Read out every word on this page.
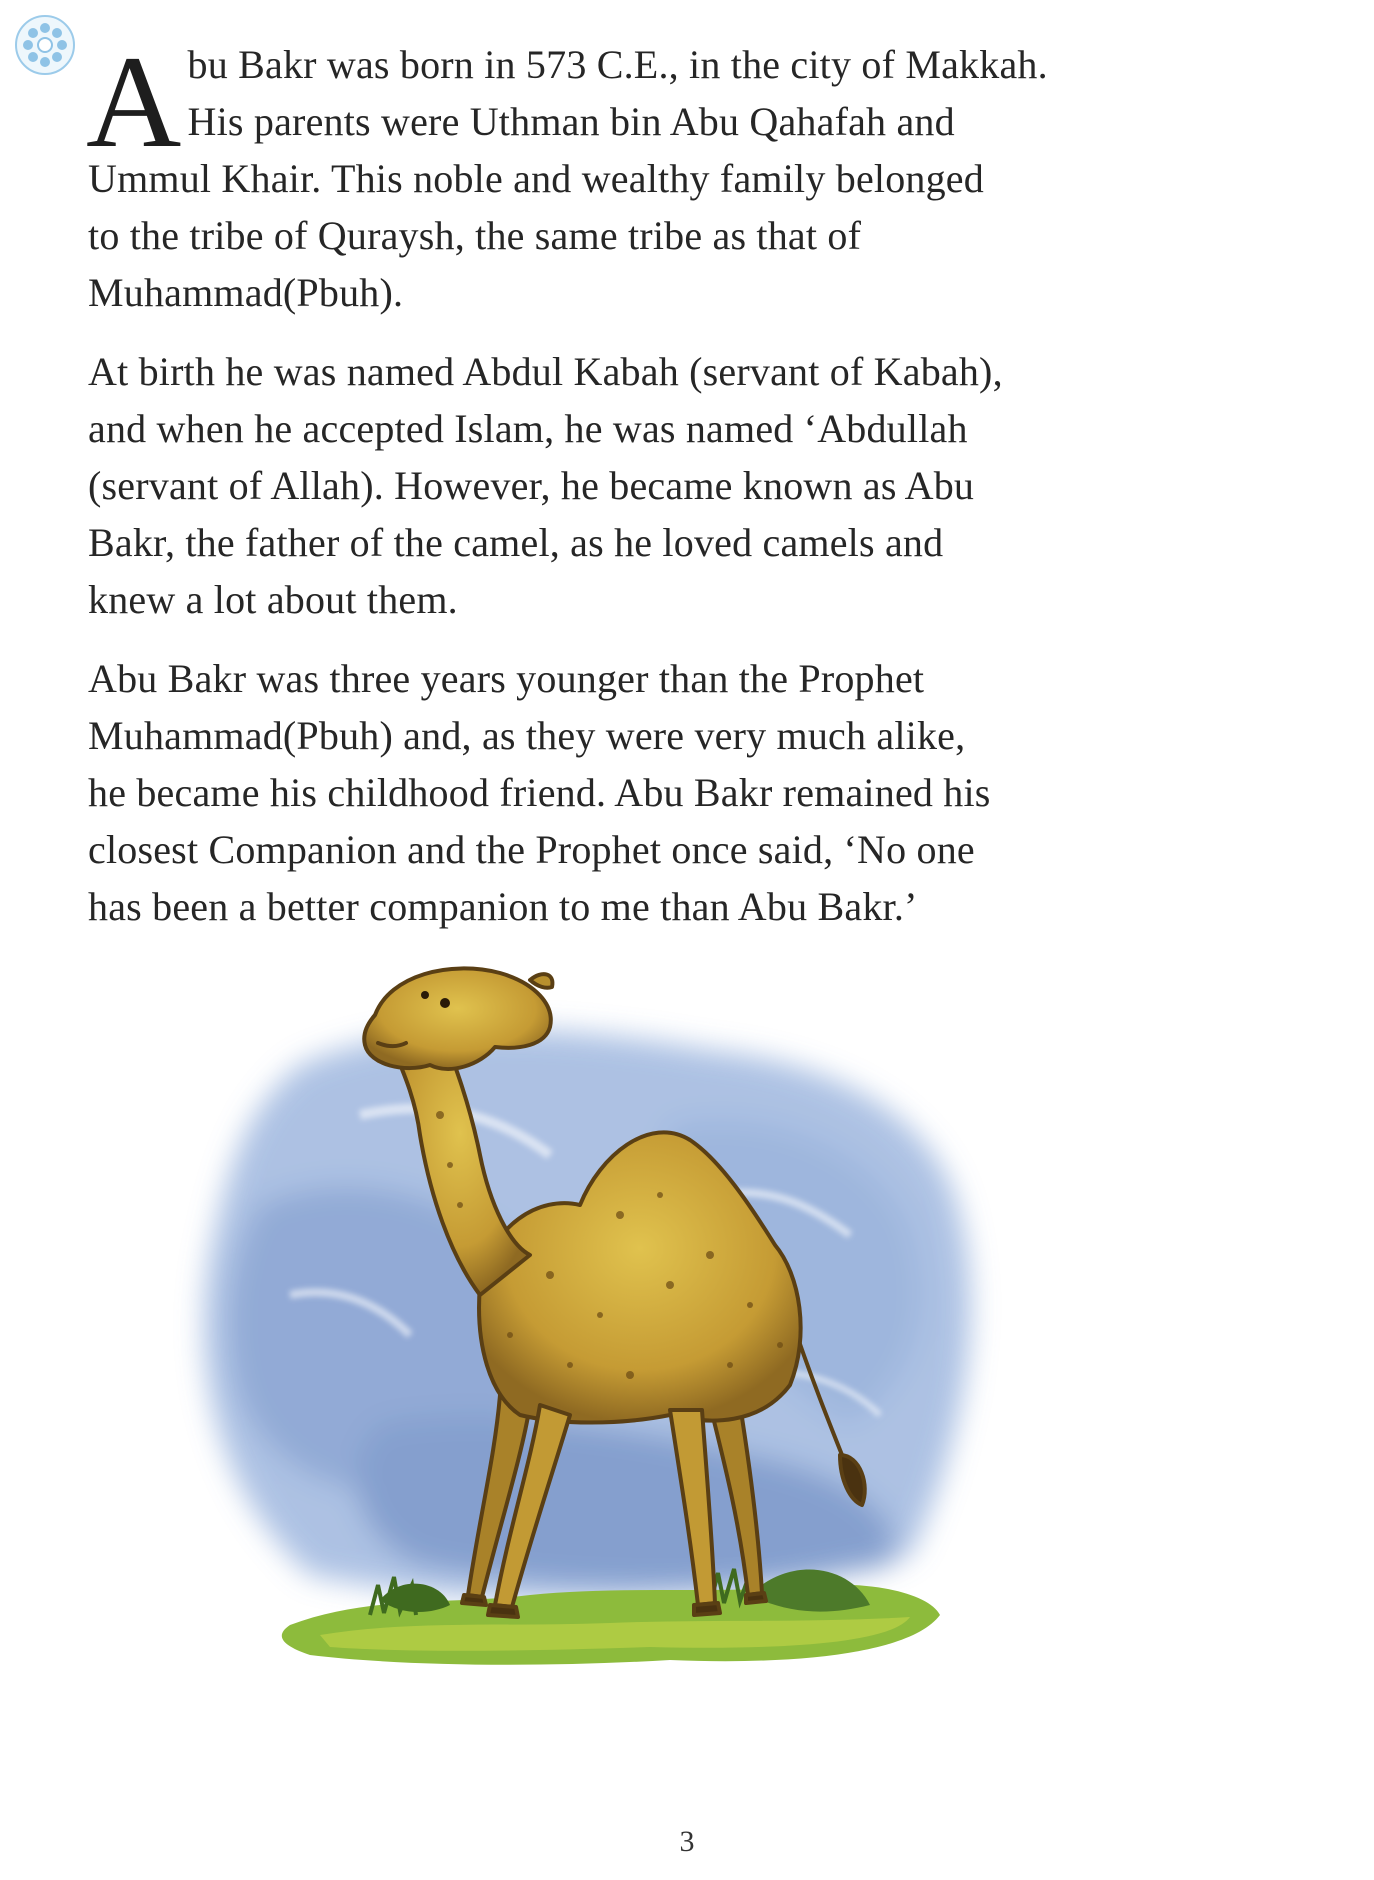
A bu Bakr was born in 573 C.E., in the city of Makkah.
His parents were Uthman bin Abu Qahafah and
Ummul Khair. This noble and wealthy family belonged
to the tribe of Quraysh, the same tribe as that of
Muhammad(Pbuh).

At birth he was named Abdul Kabah (servant of Kabah),
and when he accepted Islam, he was named ‘Abdullah
(servant of Allah). However, he became known as Abu
Bakr, the father of the camel, as he loved camels and
knew a lot about them.

Abu Bakr was three years younger than the Prophet
Muhammad(Pbuh) and, as they were very much alike,
he became his childhood friend. Abu Bakr remained his
closest Companion and the Prophet once said, ‘No one
has been a better companion to me than Abu Bakr.’

3
